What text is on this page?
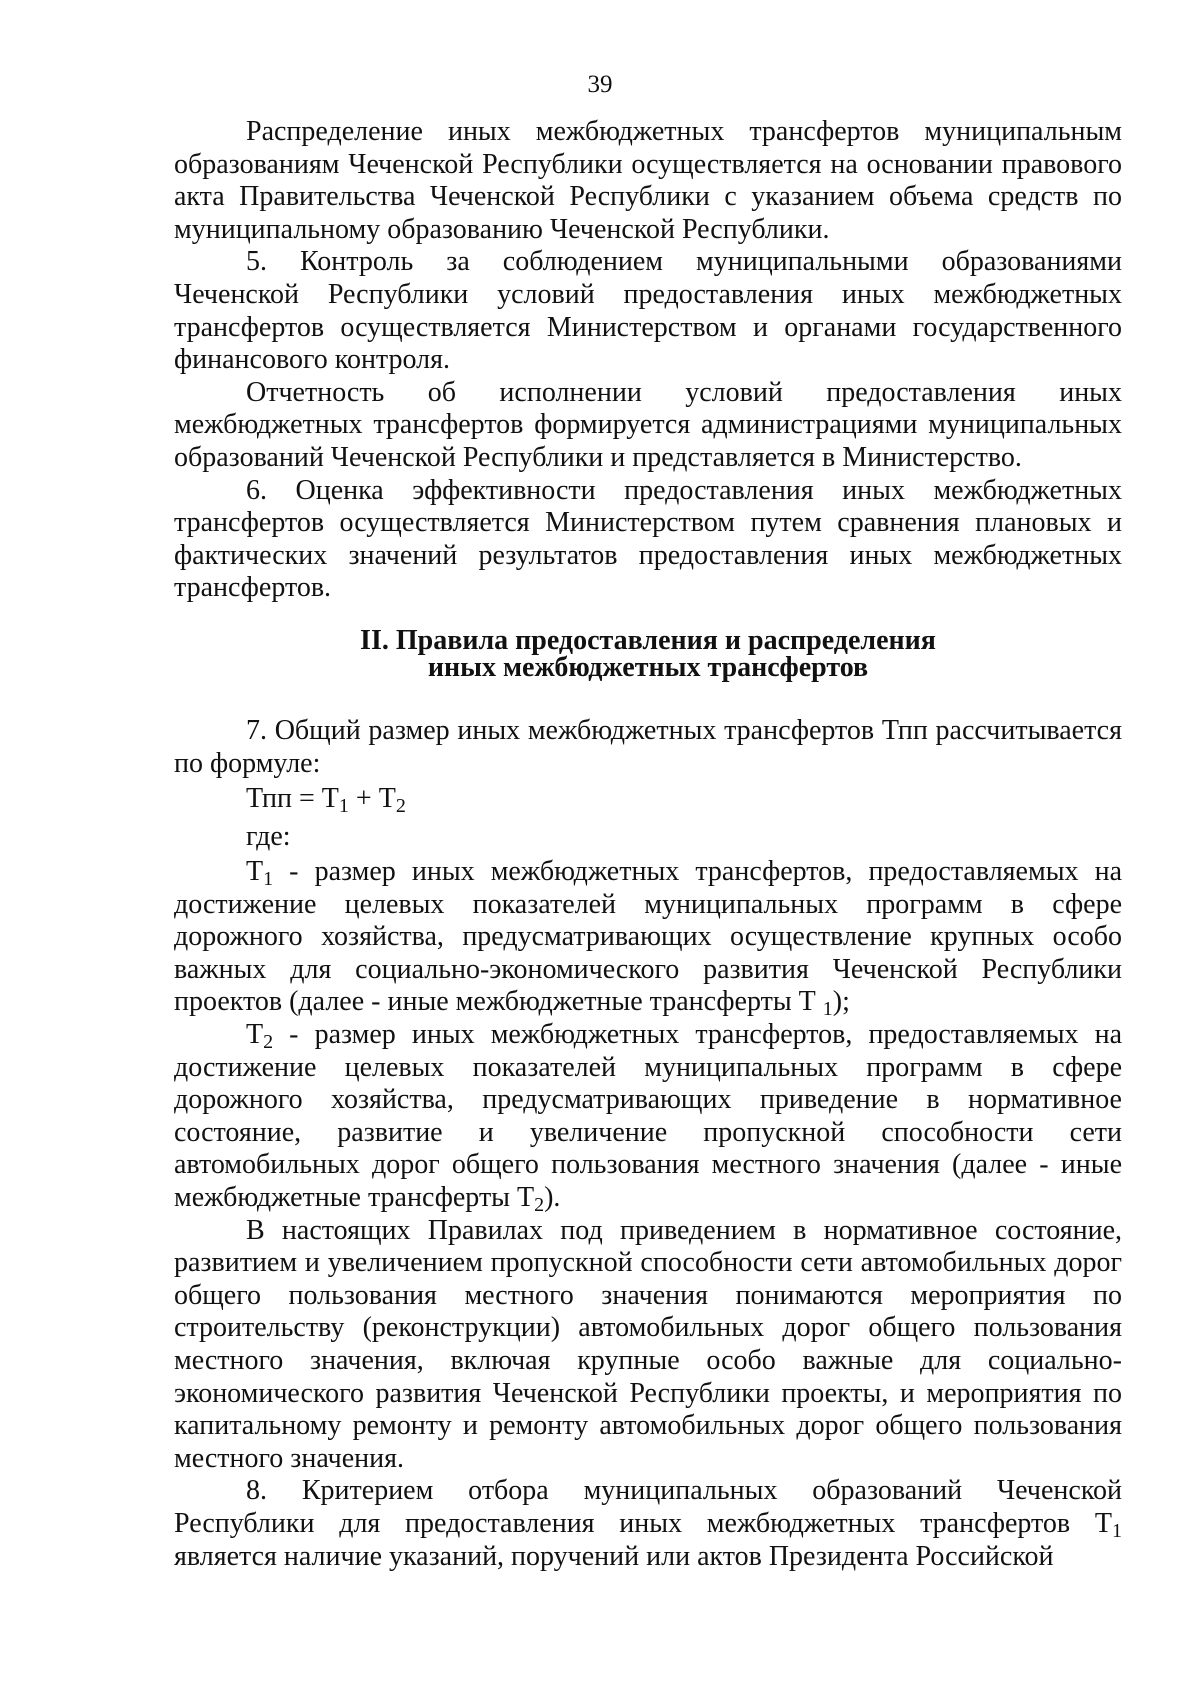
39

Распределение иных межбюджетных трансфертов муниципальным образованиям Чеченской Республики осуществляется на основании правового акта Правительства Чеченской Республики с указанием объема средств по муниципальному образованию Чеченской Республики.

5. Контроль за соблюдением муниципальными образованиями Чеченской Республики условий предоставления иных межбюджетных трансфертов осуществляется Министерством и органами государственного финансового контроля.

Отчетность об исполнении условий предоставления иных межбюджетных трансфертов формируется администрациями муниципальных образований Чеченской Республики и представляется в Министерство.

6. Оценка эффективности предоставления иных межбюджетных трансфертов осуществляется Министерством путем сравнения плановых и фактических значений результатов предоставления иных межбюджетных трансфертов.

II. Правила предоставления и распределения
иных межбюджетных трансфертов

7. Общий размер иных межбюджетных трансфертов Тпп рассчитывается по формуле:

Тпп = $Т_1 + Т_2$

где:

$Т_1$ - размер иных межбюджетных трансфертов, предоставляемых на достижение целевых показателей муниципальных программ в сфере дорожного хозяйства, предусматривающих осуществление крупных особо важных для социально-экономического развития Чеченской Республики проектов (далее - иные межбюджетные трансферты Т $_1$);

$Т_2$ - размер иных межбюджетных трансфертов, предоставляемых на достижение целевых показателей муниципальных программ в сфере дорожного хозяйства, предусматривающих приведение в нормативное состояние, развитие и увеличение пропускной способности сети автомобильных дорог общего пользования местного значения (далее - иные межбюджетные трансферты $Т_2$).

В настоящих Правилах под приведением в нормативное состояние, развитием и увеличением пропускной способности сети автомобильных дорог общего пользования местного значения понимаются мероприятия по строительству (реконструкции) автомобильных дорог общего пользования местного значения, включая крупные особо важные для социально-экономического развития Чеченской Республики проекты, и мероприятия по капитальному ремонту и ремонту автомобильных дорог общего пользования местного значения.

8. Критерием отбора муниципальных образований Чеченской Республики для предоставления иных межбюджетных трансфертов $Т_1$ является наличие указаний, поручений или актов Президента Российской
